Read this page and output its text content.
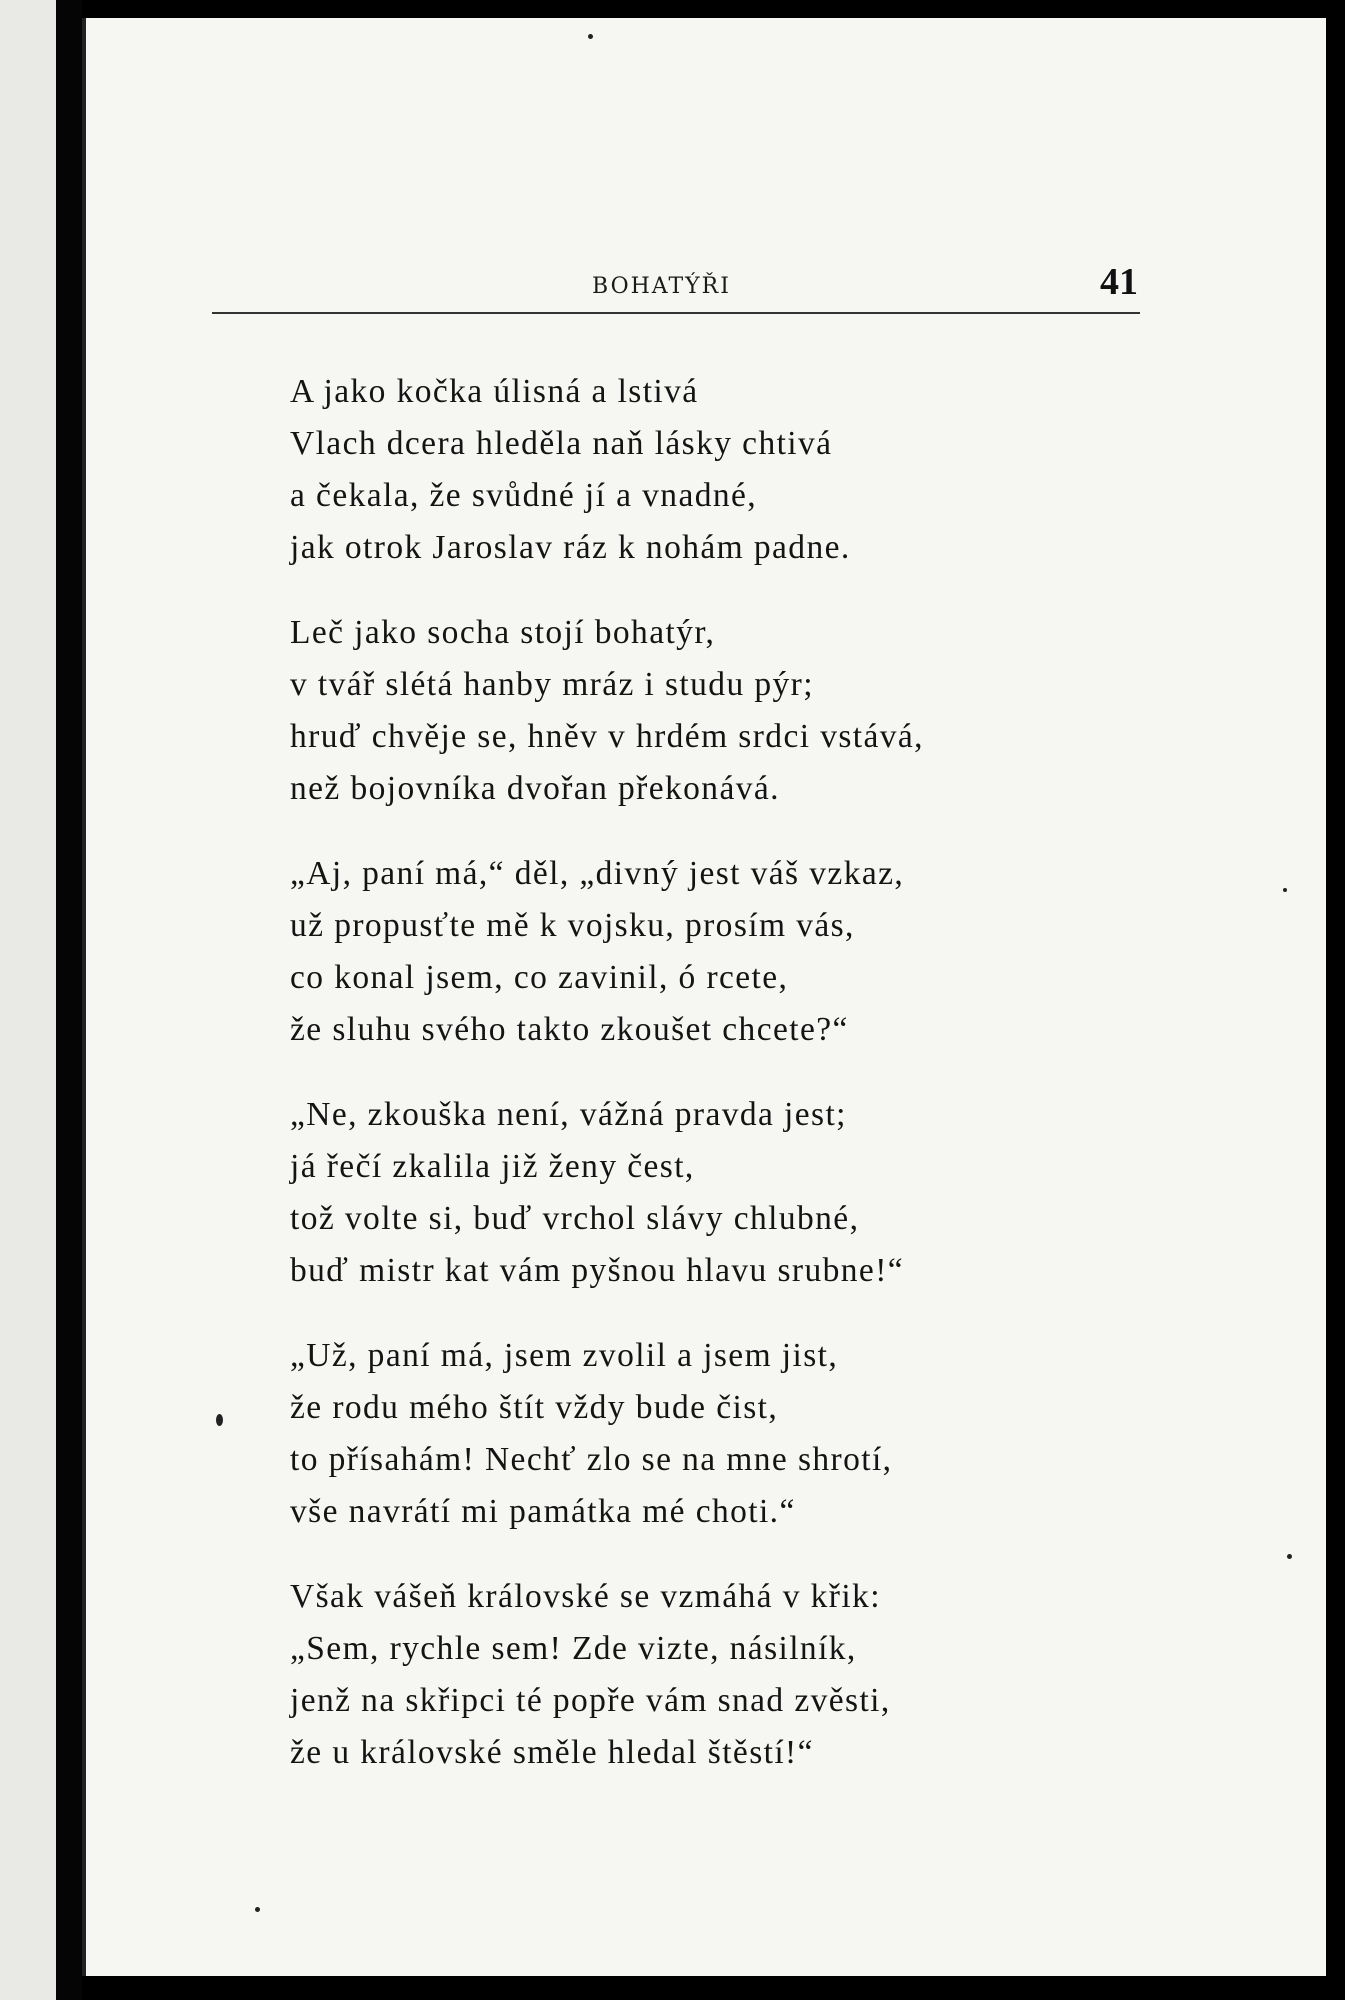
BOHATÝŘI	41
A jako kočka úlisná a lstivá
Vlach dcera hleděla naň lásky chtivá
a čekala, že svůdné jí a vnadné,
jak otrok Jaroslav ráz k nohám padne.
Leč jako socha stojí bohatýr,
v tvář slétá hanby mráz i studu pýr;
hruď chvěje se, hněv v hrdém srdci vstává,
než bojovníka dvořan překonává.
„Aj, paní má,“ děl, „divný jest váš vzkaz,
už propusťte mě k vojsku, prosím vás,
co konal jsem, co zavinil, ó rcete,
že sluhu svého takto zkoušet chcete?“
„Ne, zkouška není, vážná pravda jest;
já řečí zkalila již ženy čest,
tož volte si, buď vrchol slávy chlubné,
buď mistr kat vám pyšnou hlavu srubne!“
„Už, paní má, jsem zvolil a jsem jist,
že rodu mého štít vždy bude čist,
to přísahám! Nechť zlo se na mne shrotí,
vše navrátí mi památka mé choti.“
Však vášeň královské se vzmáhá v křik:
„Sem, rychle sem! Zde vizte, násilník,
jenž na skřipci té popře vám snad zvěsti,
že u královské směle hledal štěstí!“
